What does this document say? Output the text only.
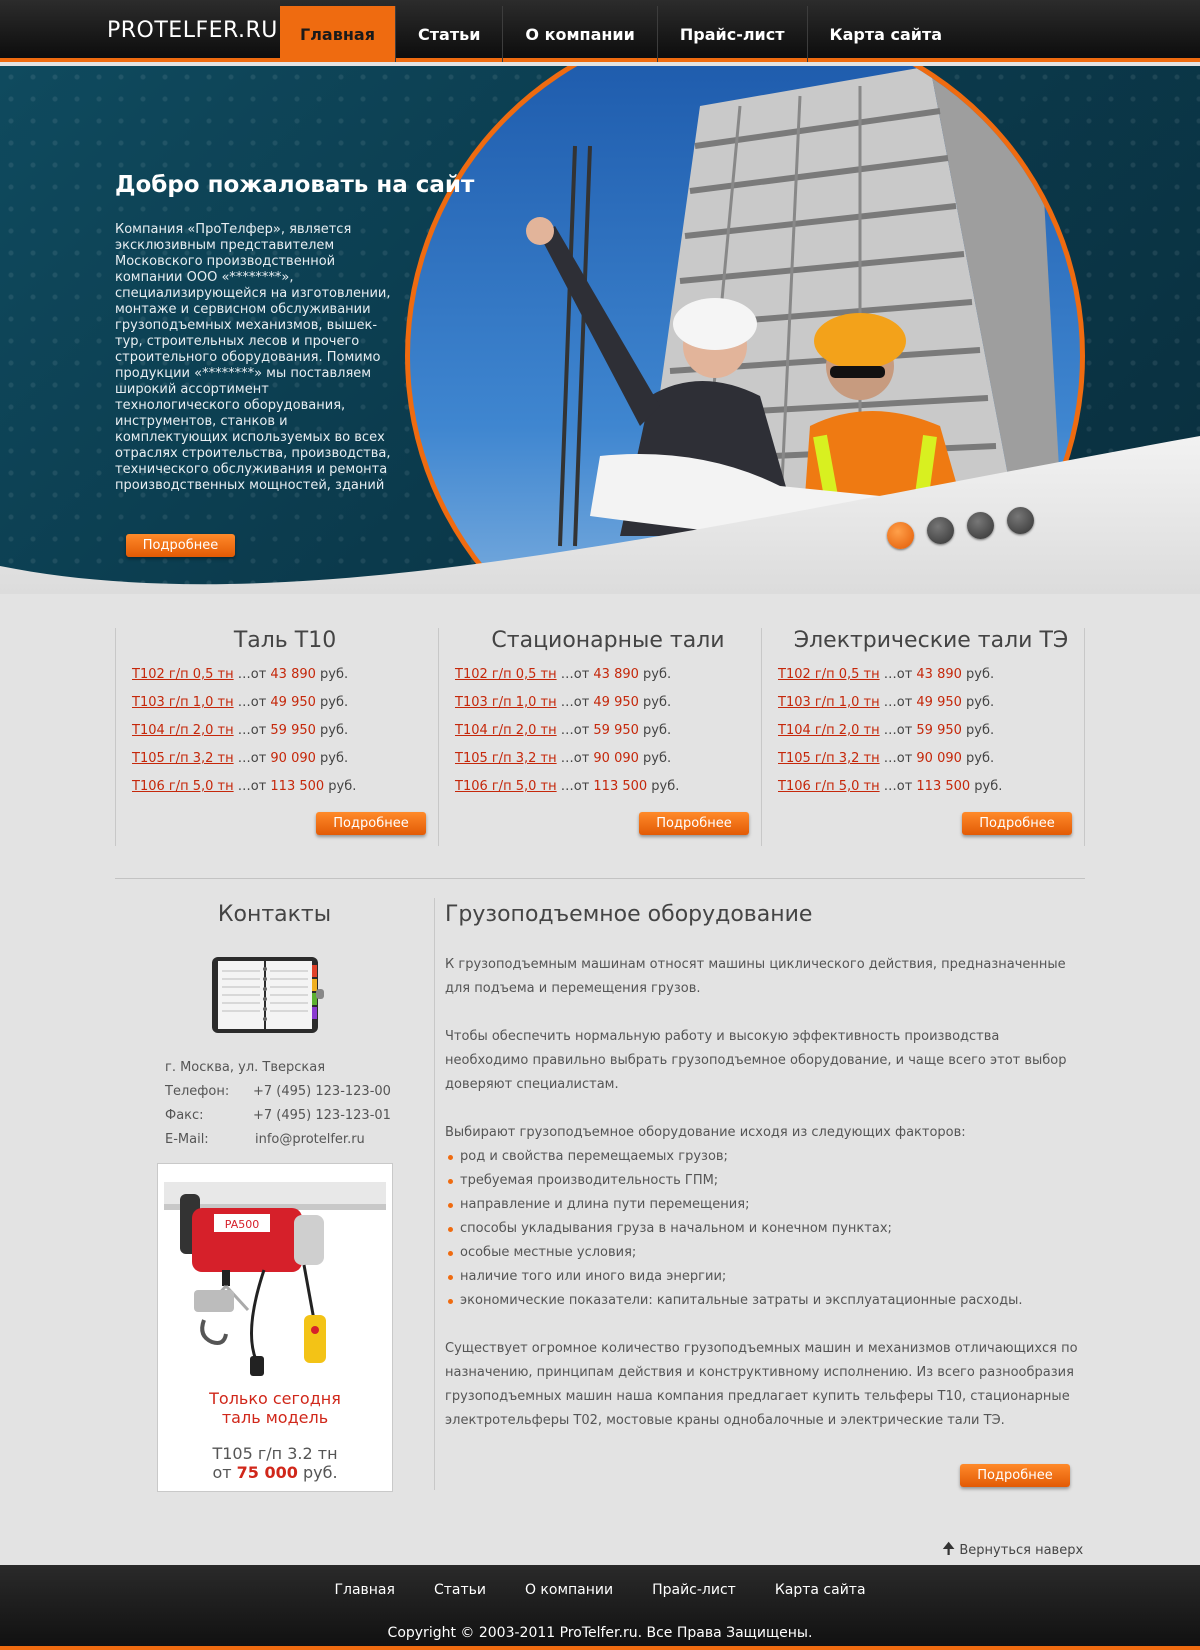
PROTELFER.RU	Главная	Статьи	О компании	Прайс-лист	Карта сайта
Добро пожаловать на сайт
Компания «ПроТелфер», является эксклюзивным представителем Московского производственной компании ООО «********», специализирующейся на изготовлении, монтаже и сервисном обслуживании грузоподъемных механизмов, вышек-тур, строительных лесов и прочего строительного оборудования. Помимо продукции «********» мы поставляем широкий ассортимент технологического оборудования, инструментов, станков и комплектующих используемых во всех отраслях строительства, производства, технического обслуживания и ремонта производственных мощностей, зданий
Подробнее
Таль Т10
Т102 г/п 0,5 тн …от 43 890 руб.
Т103 г/п 1,0 тн …от 49 950 руб.
Т104 г/п 2,0 тн …от 59 950 руб.
Т105 г/п 3,2 тн …от 90 090 руб.
Т106 г/п 5,0 тн …от 113 500 руб.
Подробнее
Стационарные тали
Т102 г/п 0,5 тн …от 43 890 руб.
Т103 г/п 1,0 тн …от 49 950 руб.
Т104 г/п 2,0 тн …от 59 950 руб.
Т105 г/п 3,2 тн …от 90 090 руб.
Т106 г/п 5,0 тн …от 113 500 руб.
Подробнее
Электрические тали ТЭ
Т102 г/п 0,5 тн …от 43 890 руб.
Т103 г/п 1,0 тн …от 49 950 руб.
Т104 г/п 2,0 тн …от 59 950 руб.
Т105 г/п 3,2 тн …от 90 090 руб.
Т106 г/п 5,0 тн …от 113 500 руб.
Подробнее
Контакты
г. Москва, ул. Тверская
Телефон:	+7 (495) 123-123-00
Факс:	+7 (495) 123-123-01
E-Mail:	info@protelfer.ru
PA500
Только сегодня
таль модель
Т105 г/п 3.2 тн
от 75 000 руб.
Грузоподъемное оборудование

К грузоподъемным машинам относят машины циклического действия, предназначенные для подъема и перемещения грузов.

Чтобы обеспечить нормальную работу и высокую эффективность производства необходимо правильно выбрать грузоподъемное оборудование, и чаще всего этот выбор доверяют специалистам.

Выбирают грузоподъемное оборудование исходя из следующих факторов:

род и свойства перемещаемых грузов;
требуемая производительность ГПМ;
направление и длина пути перемещения;
способы укладывания груза в начальном и конечном пунктах;
особые местные условия;
наличие того или иного вида энергии;
экономические показатели: капитальные затраты и эксплуатационные расходы.

Существует огромное количество грузоподъемных машин и механизмов отличающихся по назначению, принципам действия и конструктивному исполнению. Из всего разнообразия грузоподъемных машин наша компания предлагает купить тельферы Т10, стационарные электротельферы Т02, мостовые краны однобалочные и электрические тали ТЭ.

Подробнее
🠉 Вернуться наверх
Главная	Статьи	О компании	Прайс-лист	Карта сайта
Copyright © 2003-2011 ProTelfer.ru. Все Права Защищены.
